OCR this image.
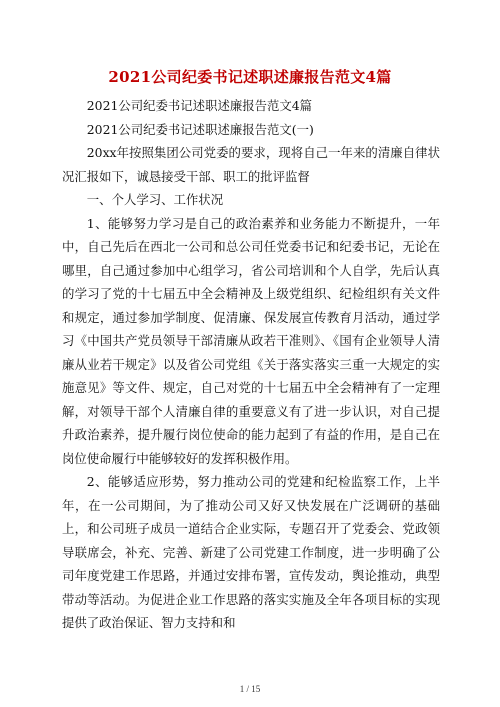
2021公司纪委书记述职述廉报告范文4篇

2021公司纪委书记述职述廉报告范文4篇

2021公司纪委书记述职述廉报告范文(一)

20xx年按照集团公司党委的要求，现将自己一年来的清廉自律状况汇报如下，诚恳接受干部、职工的批评监督

一、个人学习、工作状况

1、能够努力学习是自己的政治素养和业务能力不断提升，一年中，自己先后在西北一公司和总公司任党委书记和纪委书记，无论在哪里，自己通过参加中心组学习，省公司培训和个人自学，先后认真的学习了党的十七届五中全会精神及上级党组织、纪检组织有关文件和规定，通过参加学制度、促清廉、保发展宣传教育月活动，通过学习《中国共产党员领导干部清廉从政若干准则》、《国有企业领导人清廉从业若干规定》以及省公司党组《关于落实落实三重一大规定的实施意见》等文件、规定，自己对党的十七届五中全会精神有了一定理解，对领导干部个人清廉自律的重要意义有了进一步认识，对自己提升政治素养，提升履行岗位使命的能力起到了有益的作用，是自己在岗位使命履行中能够较好的发挥积极作用。

2、能够适应形势，努力推动公司的党建和纪检监察工作，上半年，在一公司期间，为了推动公司又好又快发展在广泛调研的基础上，和公司班子成员一道结合企业实际，专题召开了党委会、党政领导联席会，补充、完善、新建了公司党建工作制度，进一步明确了公司年度党建工作思路，并通过安排布署，宣传发动，舆论推动，典型带动等活动。为促进企业工作思路的落实实施及全年各项目标的实现提供了政治保证、智力支持和和

1 / 15
